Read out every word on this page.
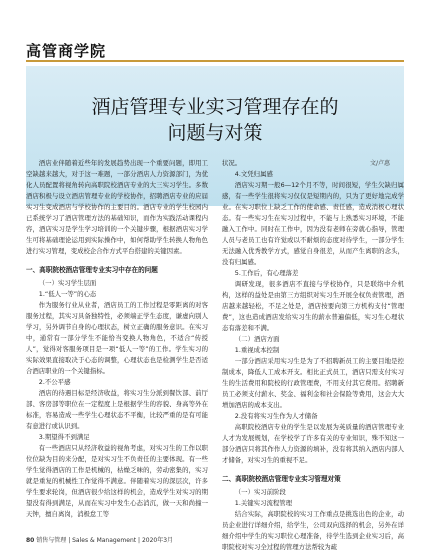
高管商学院
酒店管理专业实习管理存在的
问题与对策
文/卢惠

酒店业伴随着近些年的发展趋势出现一个重要问题，即用工空缺越来越大，对于这一难题，一部分酒店人力资源部门，为优化人员配置将视角转向高职院校酒店专业的大三实习学生。多数酒店积极与设立酒店管理专业的学校协作，招聘酒店专业的应届实习生变成酒店与学校协作的主要目的。酒店专业的学生校园内已系统学习了酒店管理方法的基础知识，而作为实践活动课程内容，酒店实习是学生学习培训的一个关键步骤，根据酒店实习学生可将基础理论运用到实际操作中，如何帮助学生转换人物角色进行实习管理，变成校企合作方式平台搭建的关键因素。

一、高职院校酒店管理专业实习中存在的问题

（一）实习学生层面

1.“低人一等”的心态

作为服务行业从业者，酒店员工的工作过程是零距离的对客服务过程，其实习具备独特性，必须端正学生态度，谦虚向别人学习，另外调节自身的心理状态，树立正确的服务意识。在实习中，通常有一部分学生不能恰当变换人物角色，不适合“传授人”，觉得对客服务项目是一项“低人一等”的工作。学生实习的实际效果直接取决于心态的调整，心理状态也是检测学生是否适合酒店职业的一个关键指标。

2.不公平感

酒店的待遇目标是经济收益，将实习生分派到餐饮部、前厅部、客房部等职位在一定程度上是根据学生的容貌、身高等外在标准，容易造成一些学生心理状态不平衡，比较严重的是有可能有意进行或认识到。

3.期望得不到满足

有一些酒店只从经济收益的视角考虑，对实习生的工作以职位位缺为目的来分配，是对实习生不负责任的主要体现。有一些学生觉得酒店的工作是机械的，枯燥乏味的，劳动密集的，实习就是重复的机械性工作觉得不满意。伴随着实习的深层次，许多学生要求轮岗，但酒店很少给这样的机会，造成学生对实习的期望没有得到满足，从而在实习中发生心态消沉，做一天和尚撞一天钟，擅自离岗，消极怠工等

状况。

4.文凭归属感

酒店实习期一般6—12个月不等，时间很短，学生欠缺归属感，有一些学生很将实习仅仅是短期内的，只为了更好地完成学业。在实习职位上缺乏工作的使命感、责任感，造成消极心理状态。有一些实习生在实习过程中，不能与上熟悉实习环境，不能融入工作中。同时在工作中，因为没有老师在旁就心指导，管理人员与老员工也有许觉或以不耐烦的态度对待学生，一部分学生无法融入优秀教学方式，感觉自身很差，从而产生离职的念头，没有归属感。

5.工作后，有心理落差

调研发现，很多酒店不直接与学校协作，只是联络中介机构，这样的益处是由第三方组织对实习生开展全权负责管理，酒店越来越轻松，不足之处是，酒店按要向第三方机构支付“管理费”，这也造成酒店发给实习生的薪水普遍偏低，实习生心理状态有落差和不满。

（二）酒店方面

1.重视成本控制

一部分酒店采用实习生是为了不招聘新员工的主要目地是控制成本，降低人工成本开支。相比正式员工，酒店只需支付实习生的生活费用和院校的行政管理费，不用支付其它费用。招聘新员工必须支付薪水、奖金、福利金和社会保险等费用，这会大大增加酒店的成本支出。

2.没有将实习生作为人才储备

高职院校酒店专业的学生是以发展为英质量的酒店管理专业人才为发展规划，在学校学了许多有关的专业知识，殊不知这一部分酒店只将其作作人力资源的填补，没有将其纳入酒店内部人才储备，对实习生的重视不足。

二、高职院校酒店管理专业实习管理对策

（一）实习前阶段

1.关键实习流程管理

结合实际，高职院校的实习工作重点是挑选出色的企业，动员企业进行详细介绍，给学生，公司双向选择的机会，另外在详细介绍中学生的实习职位心理准备，待学生选到企业实习后，高职院校对实习全过程的管理方法帮较为疏

80 销售与管理 | Sales & Management | 2020年3月
